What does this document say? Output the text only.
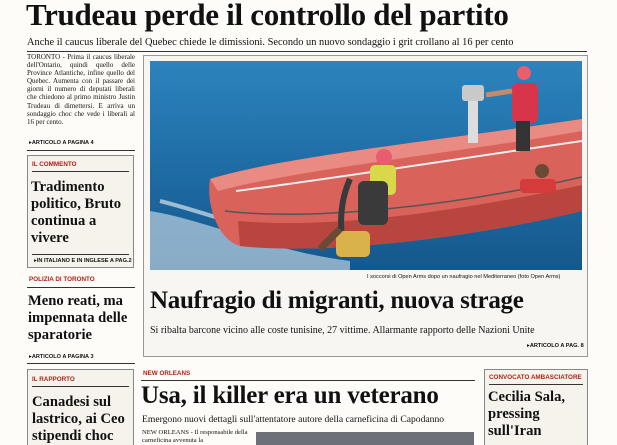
Trudeau perde il controllo del partito
Anche il caucus liberale del Quebec chiede le dimissioni. Secondo un nuovo sondaggio i grit crollano al 16 per cento
TORONTO - Prima il caucus liberale dell'Ontario, quindi quello delle Province Atlantiche, infine quello del Quebec. Aumenta con il passare dei giorni il numero di deputati liberali che chiedono al primo ministro Justin Trudeau di dimettersi. E arriva un sondaggio choc che vede i liberali al 16 per cento.
▸ ARTICOLO A PAGINA 4
IL COMMENTO
Tradimento politico, Bruto continua a vivere
▸ IN ITALIANO E IN INGLESE A PAG.2
POLIZIA DI TORONTO
Meno reati, ma impennata delle sparatorie
▸ ARTICOLO A PAGINA 3
IL RAPPORTO
Canadesi sul lastrico, ai Ceo stipendi choc
I soccorsi di Open Arms dopo un naufragio nel Mediterraneo (foto Open Arms)
Naufragio di migranti, nuova strage
Si ribalta barcone vicino alle coste tunisine, 27 vittime. Allarmante rapporto delle Nazioni Unite
▸ ARTICOLO A PAG. 8
NEW ORLEANS
Usa, il killer era un veterano
Emergono nuovi dettagli sull'attentatore autore della carneficina di Capodanno
NEW ORLEANS - Il responsabile della carneficina avvenuta la
CONVOCATO AMBASCIATORE
Cecilia Sala, pressing sull'Iran
